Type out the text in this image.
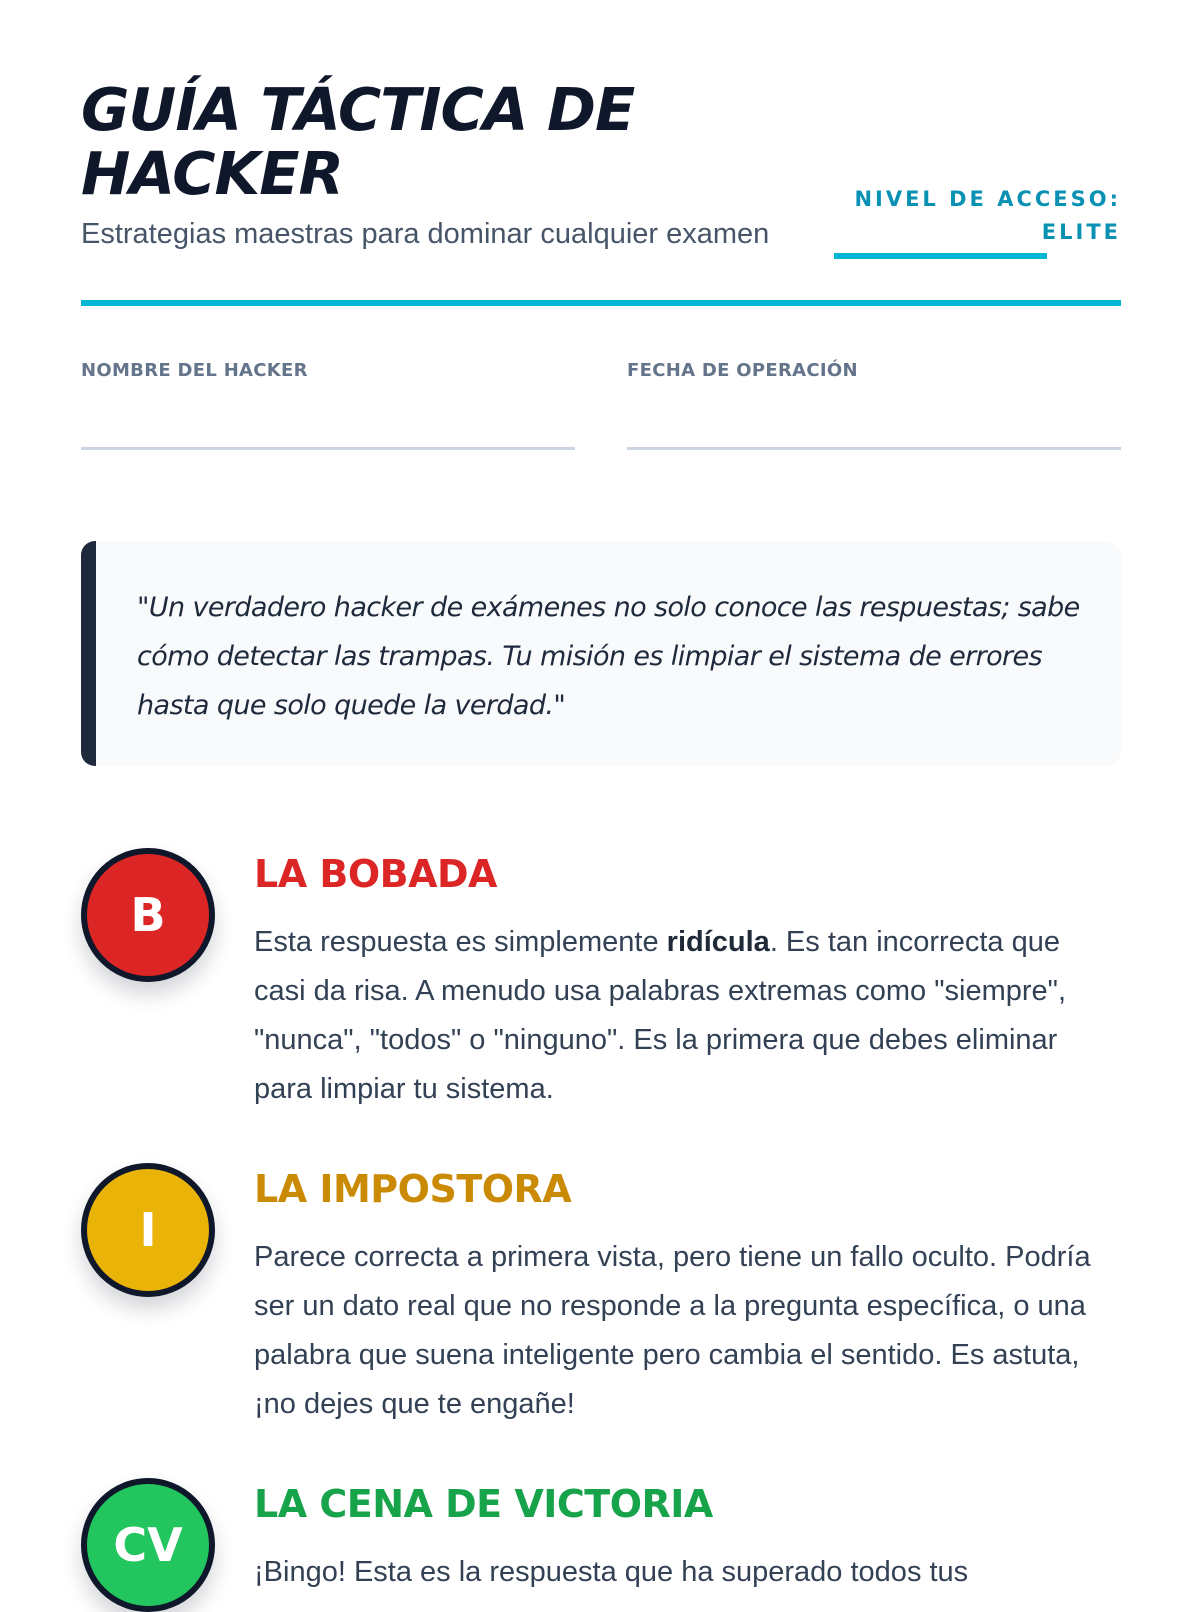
GUÍA TÁCTICA DE
HACKER
Estrategias maestras para dominar cualquier examen
NIVEL DE ACCESO:
ELITE
NOMBRE DEL HACKER	FECHA DE OPERACIÓN
"Un verdadero hacker de exámenes no solo conoce las respuestas; sabe cómo detectar las trampas. Tu misión es limpiar el sistema de errores hasta que solo quede la verdad."
B
LA BOBADA

Esta respuesta es simplemente ridícula. Es tan incorrecta que casi da risa. A menudo usa palabras extremas como "siempre", "nunca", "todos" o "ninguno". Es la primera que debes eliminar para limpiar tu sistema.

I
LA IMPOSTORA

Parece correcta a primera vista, pero tiene un fallo oculto. Podría ser un dato real que no responde a la pregunta específica, o una palabra que suena inteligente pero cambia el sentido. Es astuta, ¡no dejes que te engañe!

CV
LA CENA DE VICTORIA

¡Bingo! Esta es la respuesta que ha superado todos tus
